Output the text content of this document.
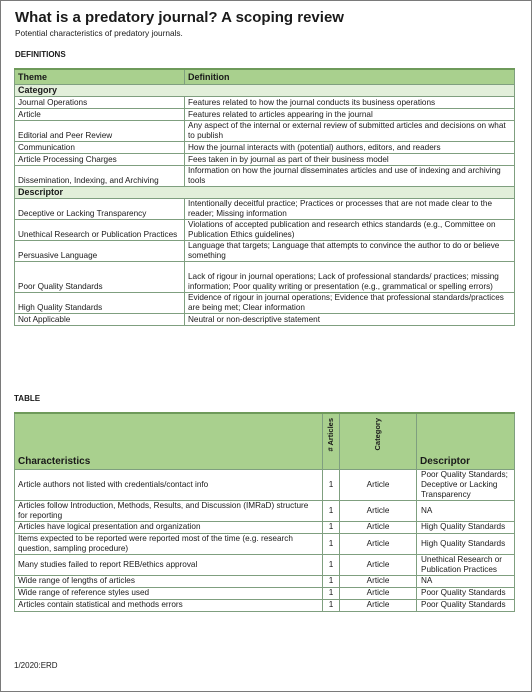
What is a predatory journal? A scoping review
Potential characteristics of predatory journals.
DEFINITIONS
Theme	Definition
Category	
Journal Operations	Features related to how the journal conducts its business operations
Article	Features related to articles appearing in the journal
Editorial and Peer Review	Any aspect of the internal or external review of submitted articles and decisions on what to publish
Communication	How the journal interacts with (potential) authors, editors, and readers
Article Processing Charges	Fees taken in by journal as part of their business model
Dissemination, Indexing, and Archiving	Information on how the journal disseminates articles and use of indexing and archiving tools
Descriptor	
Deceptive or Lacking Transparency	Intentionally deceitful practice; Practices or processes that are not made clear to the reader; Missing information
Unethical Research or Publication Practices	Violations of accepted publication and research ethics standards (e.g., Committee on Publication Ethics guidelines)
Persuasive Language	Language that targets; Language that attempts to convince the author to do or believe something
Poor Quality Standards	Lack of rigour in journal operations; Lack of professional standards/ practices; missing information; Poor quality writing or presentation (e.g., grammatical or spelling errors)
High Quality Standards	Evidence of rigour in journal operations; Evidence that professional standards/practices are being met; Clear information
Not Applicable	Neutral or non-descriptive statement
TABLE
Characteristics	# Articles	Category	Descriptor
Article authors not listed with credentials/contact info	1	Article	Poor Quality Standards; Deceptive or Lacking Transparency
Articles follow Introduction, Methods, Results, and Discussion (IMRaD) structure for reporting	1	Article	NA
Articles have logical presentation and organization	1	Article	High Quality Standards
Items expected to be reported were reported most of the time (e.g. research question, sampling procedure)	1	Article	High Quality Standards
Many studies failed to report REB/ethics approval	1	Article	Unethical Research or Publication Practices
Wide range of lengths of articles	1	Article	NA
Wide range of reference styles used	1	Article	Poor Quality Standards
Articles contain statistical and methods errors	1	Article	Poor Quality Standards
1/2020:ERD
